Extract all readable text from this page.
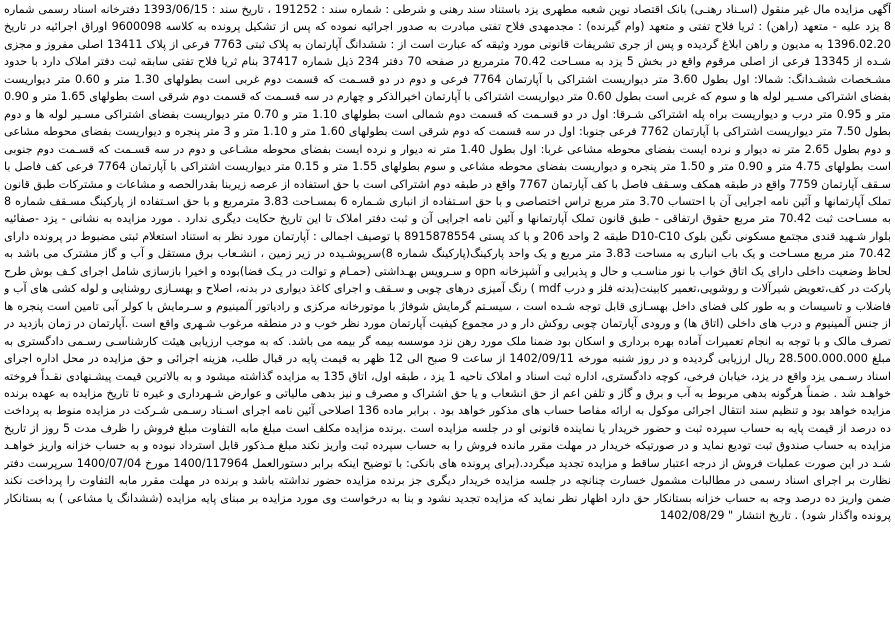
آگهی مزایده مال غیر منقول (اسـناد رهنـی) بانک اقتصاد نوین شعبه مطهری یزد باستناد سند رهنی و شرطی : شماره سند : 191252 ، تاریخ سند : 1393/06/15 دفترخانه اسناد رسمی شماره 8 یزد علیه - متعهد (راهن) : ثریا فلاح تفتی و متعهد (وام گیرنده) : مجدمهدی فلاح تفتی مبادرت به صدور اجرائیه نموده که پس از تشکیل پرونده به کلاسه 9600098 اوراق اجرائیه در تاریخ 1396.02.20 به مدیون و راهن ابلاغ گردیده و پس از جری تشریفات قانونی مورد وثیقه که عبارت است از : ششدانگ آپارتمان به پلاک ثبتی 7763 فرعی از پلاک 13411 اصلی مفروز و مجزی شـده از 13345 فرعی از اصلی مرقوم واقع در بخش 5 یزد به مسـاحت 70.42 مترمربع در صفحه 70 دفتر 234 ذیل شماره 37417 بنام ثریا فلاح تفتی سابقه ثبت دفتر املاک دارد با حدود مشـخصات ششـدانگ: شمالا: اول بطول 3.60 متر دیواریست اشتراکی با آپارتمان 7764 فرعی و دوم در دو قسـمت که قسمت دوم غربی است بطولهای 1.30 متر و 0.60 متر دیواریست بفضای اشتراکی مسـیر لوله ها و سوم که غربی است بطول 0.60 متر دیواریست اشتراکی با آپارتمان اخیرالذکر و چهارم در سه قسـمت که قسمت دوم شرقی است بطولهای 1.65 متر و 0.90 متر و 0.95 متر درب و دیواریست براه پله اشتراکی شـرقا: اول در دو قسـمت که قسمت دوم شمالی است بطولهای 1.10 متر و 0.70 متر دیواریست بفضای اشتراکی مسـیر لوله ها و دوم بطول 7.50 متر دیواریست اشتراکی با آپارتمان 7762 فرعی جنوبا: اول در سه قسمت که دوم شرقی است بطولهای 1.60 متر و 1.10 متر و 3 متر پنجره و دیواریست بفضای محوطه مشاعی و دوم بطول 2.65 متر نه دیوار و نرده ایست بفضای محوطه مشاعی غربا: اول بطول 1.40 متر نه دیوار و نرده ایست بفضای محوطه مشـاعی و دوم در سه قسـمت که قسـمت دوم جنوبی است بطولهای 4.75 متر و 0.90 متر و 1.50 متر پنجره و دیواریست بفضای محوطه مشاعی و سوم بطولهای 1.55 متر و 0.15 متر دیواریست اشتراکی با آپارتمان 7764 فرعی کف فاصل با سـقف آپارتمان 7759 واقع در طبقه همکف وسـقف فاصل با کف آپارتمان 7767 واقع در طبقه دوم اشتراکی است با حق استفاده از عرصه زیربنا بقدرالحصه و مشاعات و مشترکات طبق قانون تملک آپارتمانها و آئین نامه اجرایی آن با احتساب 3.70 متر مربع تراس اختصاصی و با حق اسـتفاده از انباری شـماره 6 بمسـاحت 3.83 مترمربع و با حق اسـتفاده از پارکینگ مسـقف شماره 8 به مسـاحت ثبت 70.42 متر مربع حقوق ارتفاقی - طبق قانون تملک آپارتمانها و آئین نامه اجرایی آن و ثبت دفتر املاک تا این تاریخ حکایت دیگری ندارد . مورد مزایده به نشانی - یزد -صفائیه بلوار شـهید قندی مجتمع مسکونی نگین بلوک D10-C10 طبقه 2 واحد 206 و با کد پستی 8915878554 با توصیف اجمالی : آپارتمان مورد نظر به استناد استعلام ثبتی مضبوط در پرونده دارای 70.42 متر مربع مسـاحت و یک باب انباری به مساحت 3.83 متر مربع و یک واحد پارکینگ(پارکینگ شماره 8)سرپوشـیده در زیر زمین ، انشـعاب برق مستقل و آب و گاز مشترک می باشد به لحاظ وضعیت داخلی دارای یک اتاق خواب با نور مناسـب و حال و پذیرایی و آشپزخانه opn و سـرویس بهـداشتی (حمـام و توالت در یـک فضا)بوده و اخیرا بازسازی شامل اجرای کـف بوش طرح پارکت در کف،تعویض شیرآلات و روشویی،تعمیر کابینت(بدنه فلز و درب mdf ) رنگ آمیزی درهای چوبی و سـقف و اجرای کاغذ دیواری در بدنه، اصلاح و بهسـازی روشنایی و لوله کشی های آب و فاضلاب و تاسیسات و به طور کلی فضای داخل بهسـازی قابل توجه شـده است ، سیسـتم گرمایش شوفاژ با موتورخانه مرکزی و رادیاتور آلمینیوم و سـرمایش با کولر آبی تامین است پنجره ها از جنس آلمینیوم و درب های داخلی (اتاق ها) و ورودی آپارتمان چوبی روکش دار و در مجموع کیفیت آپارتمان مورد نظر خوب و در منطقه مرغوب شـهری واقع است .آپارتمان در زمان بازدید در تصرف مالک و با توجه به انجام تعمیرات آماده بهره برداری و اسکان بود ضمنا ملک مورد رهن نزد موسسه بیمه گر بیمه می باشد. که به موجب ارزیابی هیئت کارشناسـی رسـمی دادگستری به مبلغ 28.500.000.000 ریال ارزیابی گردیده و در روز شنبه مورخه 1402/09/11 از ساعت 9 صبح الی 12 ظهر به قیمت پایه در قبال طلب، هزینه اجرائی و حق مزایده در محل اداره اجرای اسناد رسـمی یزد واقع در یزد، خیابان فرخی، کوچه دادگستری، اداره ثبت اسناد و املاک ناحیه 1 یزد ، طبقه اول، اتاق 135 به مزایده گذاشته میشود و به بالاترین قیمت پیشـنهادی نقـداً فروخته خواهـد شد . ضمناً هرگونه بدهی مربوط به آب و برق و گاز و تلفن اعم از حق انشعاب و یا حق اشتراک و مصرف و نیز بدهی مالیاتی و عوارض شـهرداری و غیره تا تاریخ مزایده به عهده برنده مزایده خواهد بود و تنظیم سند انتقال اجرائی موکول به ارائه مفاصا حساب های مذکور خواهد بود . برابر ماده 136 اصلاحی آئین نامه اجرای اسـناد رسـمی شـرکت در مزایده منوط به پرداخت ده درصد از قیمت پایه به حساب سپرده ثبت و حضور خریدار یا نماینده قانونی او در جلسه مزایده است .برنده مزایده مکلف است مبلغ مابه التفاوت مبلغ فروش را ظرف مدت 5 روز از تاریخ مزایده به حساب صندوق ثبت تودیع نماید و در صورتیکه خریدار در مهلت مقرر مانده فروش را به حساب سپرده ثبت واریز نکند مبلغ مـذکور قابل استرداد نبوده و به حساب خزانه واریز خواهـد شـد در این صورت عملیات فروش از درجه اعتبار ساقط و مزایده تجدید میگردد.(برای پرونده های بانکی: با توضیح اینکه برابر دستورالعمل 1400/117964 مورخ 1400/07/04 سرپرست دفتر نظارت بر اجرای اسناد رسمی در مطالبات مشمول خسارت چنانچه در جلسه مزایده خریدار دیگری جز برنده مزایده حضور نداشته باشد و برنده در مهلت مقرر مابه التفاوت را پرداخت نکند ضمن واریز ده درصد وجه به حساب خزانه بستانکار حق دارد اظهار نظر نماید که مزایده تجدید نشود و بنا به درخواست وی مورد مزایده بر مبنای پایه مزایده (ششدانگ یا مشاعی ) به بستانکار پرونده واگذار شود) . تاریخ انتشار " 1402/08/29
